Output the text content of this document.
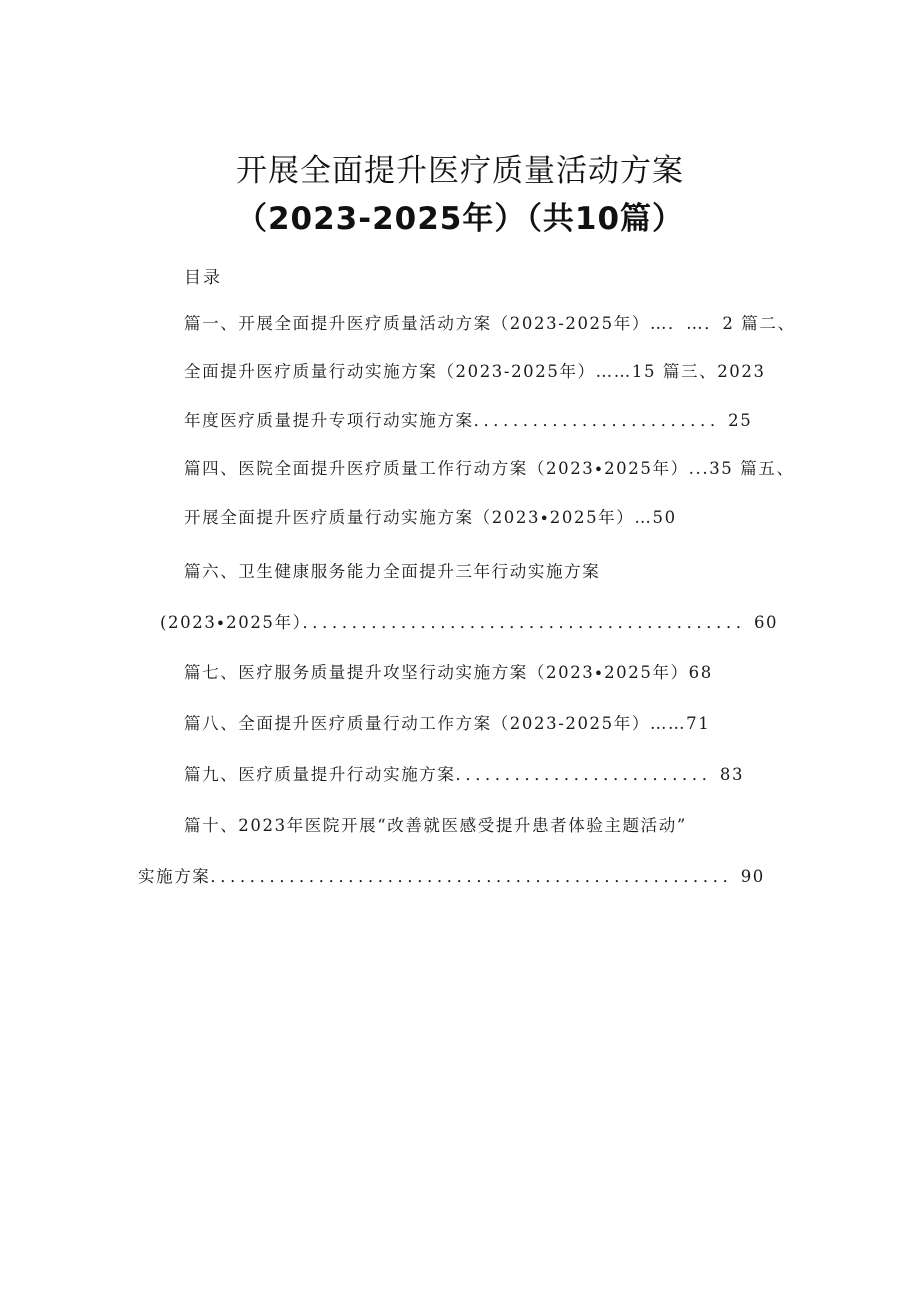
开展全面提升医疗质量活动方案
（2023-2025年）（共10篇）
目录
篇一、开展全面提升医疗质量活动方案（2023-2025年）…．…．2 篇二、
全面提升医疗质量行动实施方案（2023-2025年）……15 篇三、2023
年度医疗质量提升专项行动实施方案．．．．．．．．．．．．．．．．．．．．．．．．．25
篇四、医院全面提升医疗质量工作行动方案（2023∙2025年）...35 篇五、
开展全面提升医疗质量行动实施方案（2023∙2025年）…50
篇六、卫生健康服务能力全面提升三年行动实施方案
(2023∙2025年）．．．．．．．．．．．．．．．．．．．．．．．．．．．．．．．．．．．．．．．．．．．．．60
篇七、医疗服务质量提升攻坚行动实施方案（2023∙2025年）68
篇八、全面提升医疗质量行动工作方案（2023-2025年）……71
篇九、医疗质量提升行动实施方案．．．．．．．．．．．．．．．．．．．．．．．．．．83
篇十、2023年医院开展“改善就医感受提升患者体验主题活动”
实施方案．．．．．．．．．．．．．．．．．．．．．．．．．．．．．．．．．．．．．．．．．．．．．．．．．．．．．90
